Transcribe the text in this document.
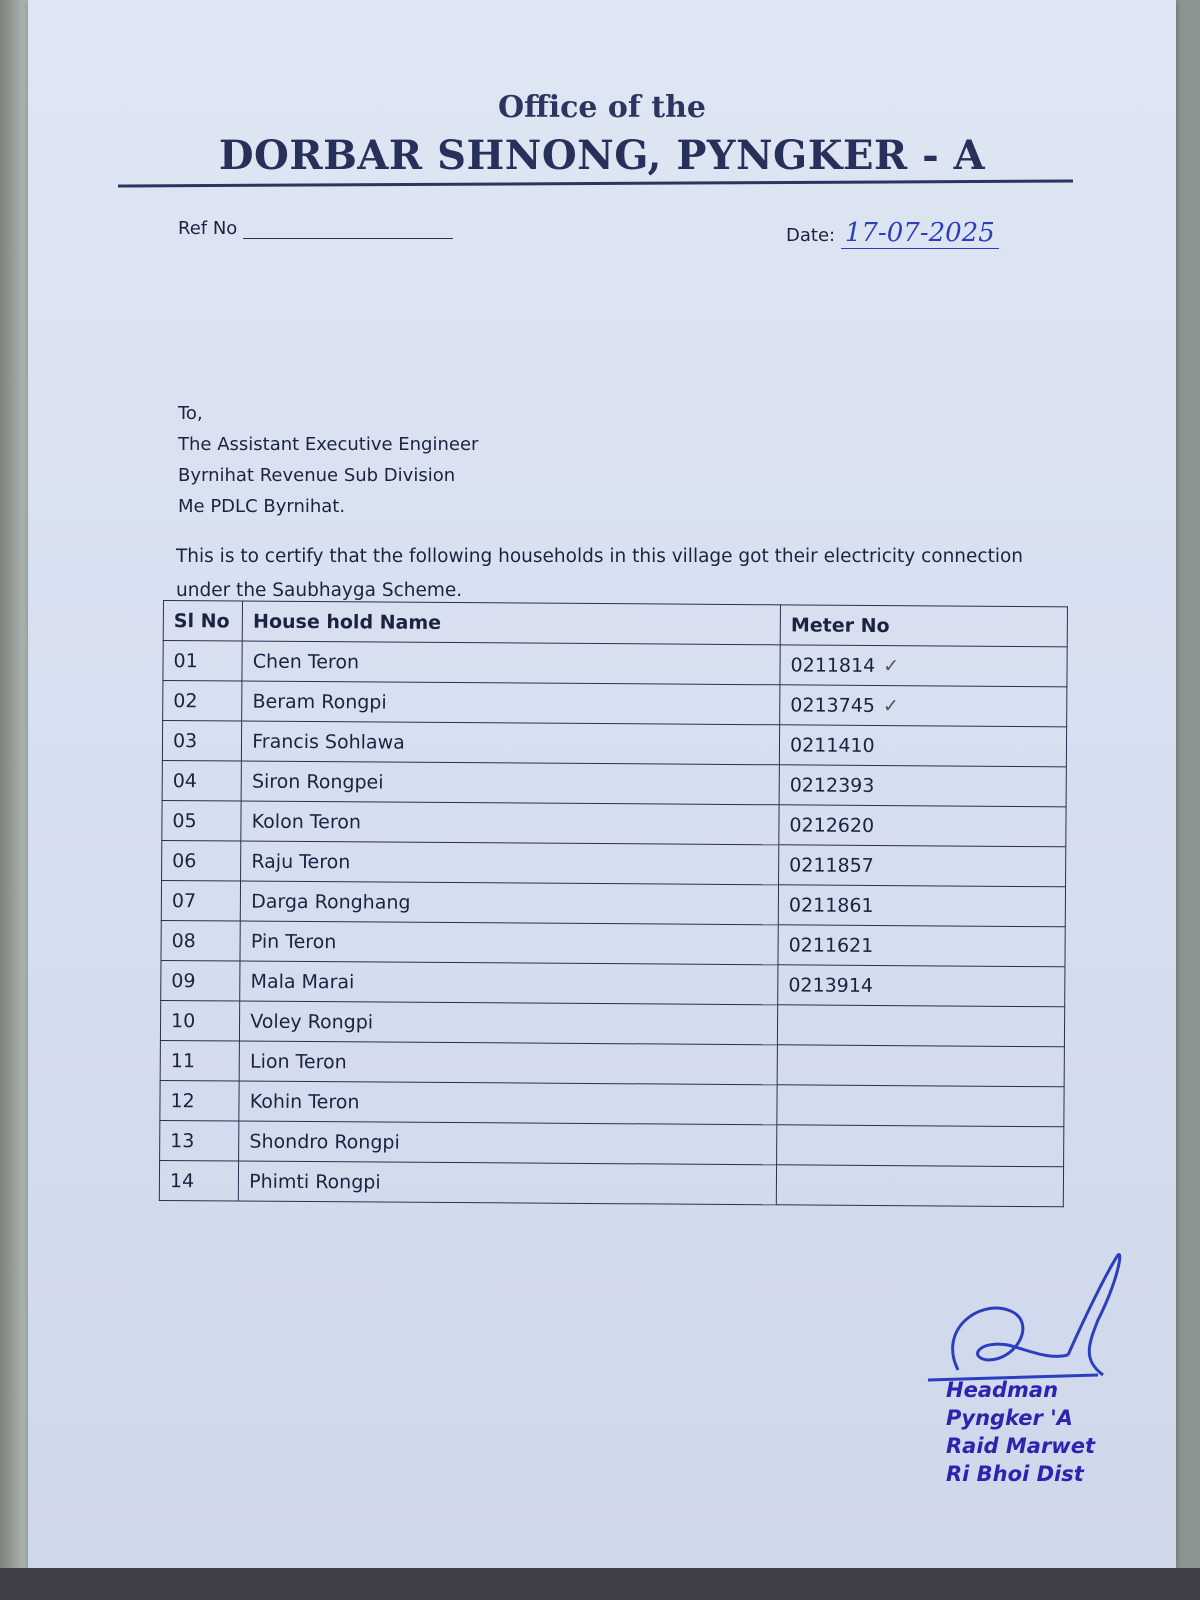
Office of the
DORBAR SHNONG, PYNGKER - A
Ref No	Date: 17-07-2025
To,
The Assistant Executive Engineer
Byrnihat Revenue Sub Division
Me PDLC Byrnihat.
This is to certify that the following households in this village got their electricity connection under the Saubhayga Scheme.
Sl No	House hold Name	Meter No
01	Chen Teron	0211814 ✓
02	Beram Rongpi	0213745 ✓
03	Francis Sohlawa	0211410
04	Siron Rongpei	0212393
05	Kolon Teron	0212620
06	Raju Teron	0211857
07	Darga Ronghang	0211861
08	Pin Teron	0211621
09	Mala Marai	0213914
10	Voley Rongpi	
11	Lion Teron	
12	Kohin Teron	
13	Shondro Rongpi	
14	Phimti Rongpi	
Headman
Pyngker 'A
Raid Marwet
Ri Bhoi Dist
